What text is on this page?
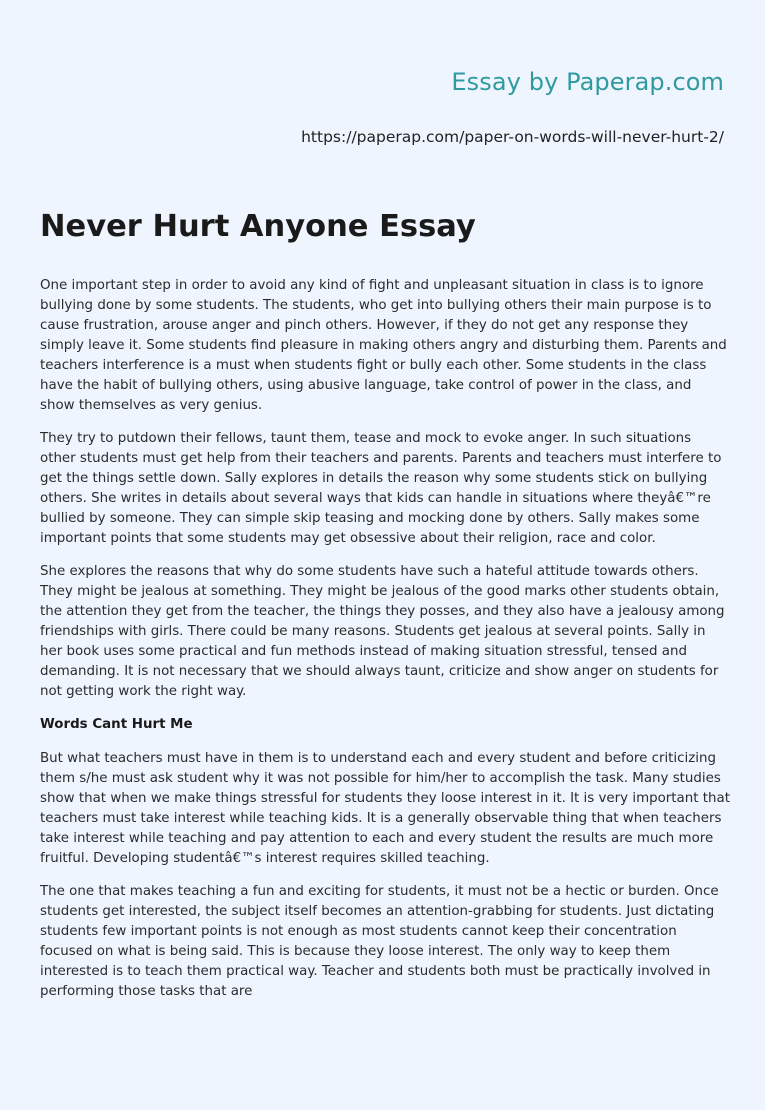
Essay by Paperap.com
https://paperap.com/paper-on-words-will-never-hurt-2/
Never Hurt Anyone Essay

One important step in order to avoid any kind of fight and unpleasant situation in class is to ignore bullying done by some students. The students, who get into bullying others their main purpose is to cause frustration, arouse anger and pinch others. However, if they do not get any response they simply leave it. Some students find pleasure in making others angry and disturbing them. Parents and teachers interference is a must when students fight or bully each other. Some students in the class have the habit of bullying others, using abusive language, take control of power in the class, and show themselves as very genius.

They try to putdown their fellows, taunt them, tease and mock to evoke anger. In such situations other students must get help from their teachers and parents. Parents and teachers must interfere to get the things settle down. Sally explores in details the reason why some students stick on bullying others. She writes in details about several ways that kids can handle in situations where theyâ€™re bullied by someone. They can simple skip teasing and mocking done by others. Sally makes some important points that some students may get obsessive about their religion, race and color.

She explores the reasons that why do some students have such a hateful attitude towards others. They might be jealous at something. They might be jealous of the good marks other students obtain, the attention they get from the teacher, the things they posses, and they also have a jealousy among friendships with girls. There could be many reasons. Students get jealous at several points. Sally in her book uses some practical and fun methods instead of making situation stressful, tensed and demanding. It is not necessary that we should always taunt, criticize and show anger on students for not getting work the right way.

Words Cant Hurt Me

But what teachers must have in them is to understand each and every student and before criticizing them s/he must ask student why it was not possible for him/her to accomplish the task. Many studies show that when we make things stressful for students they loose interest in it. It is very important that teachers must take interest while teaching kids. It is a generally observable thing that when teachers take interest while teaching and pay attention to each and every student the results are much more fruitful. Developing studentâ€™s interest requires skilled teaching.

The one that makes teaching a fun and exciting for students, it must not be a hectic or burden. Once students get interested, the subject itself becomes an attention-grabbing for students. Just dictating students few important points is not enough as most students cannot keep their concentration focused on what is being said. This is because they loose interest. The only way to keep them interested is to teach them practical way. Teacher and students both must be practically involved in performing those tasks that are
